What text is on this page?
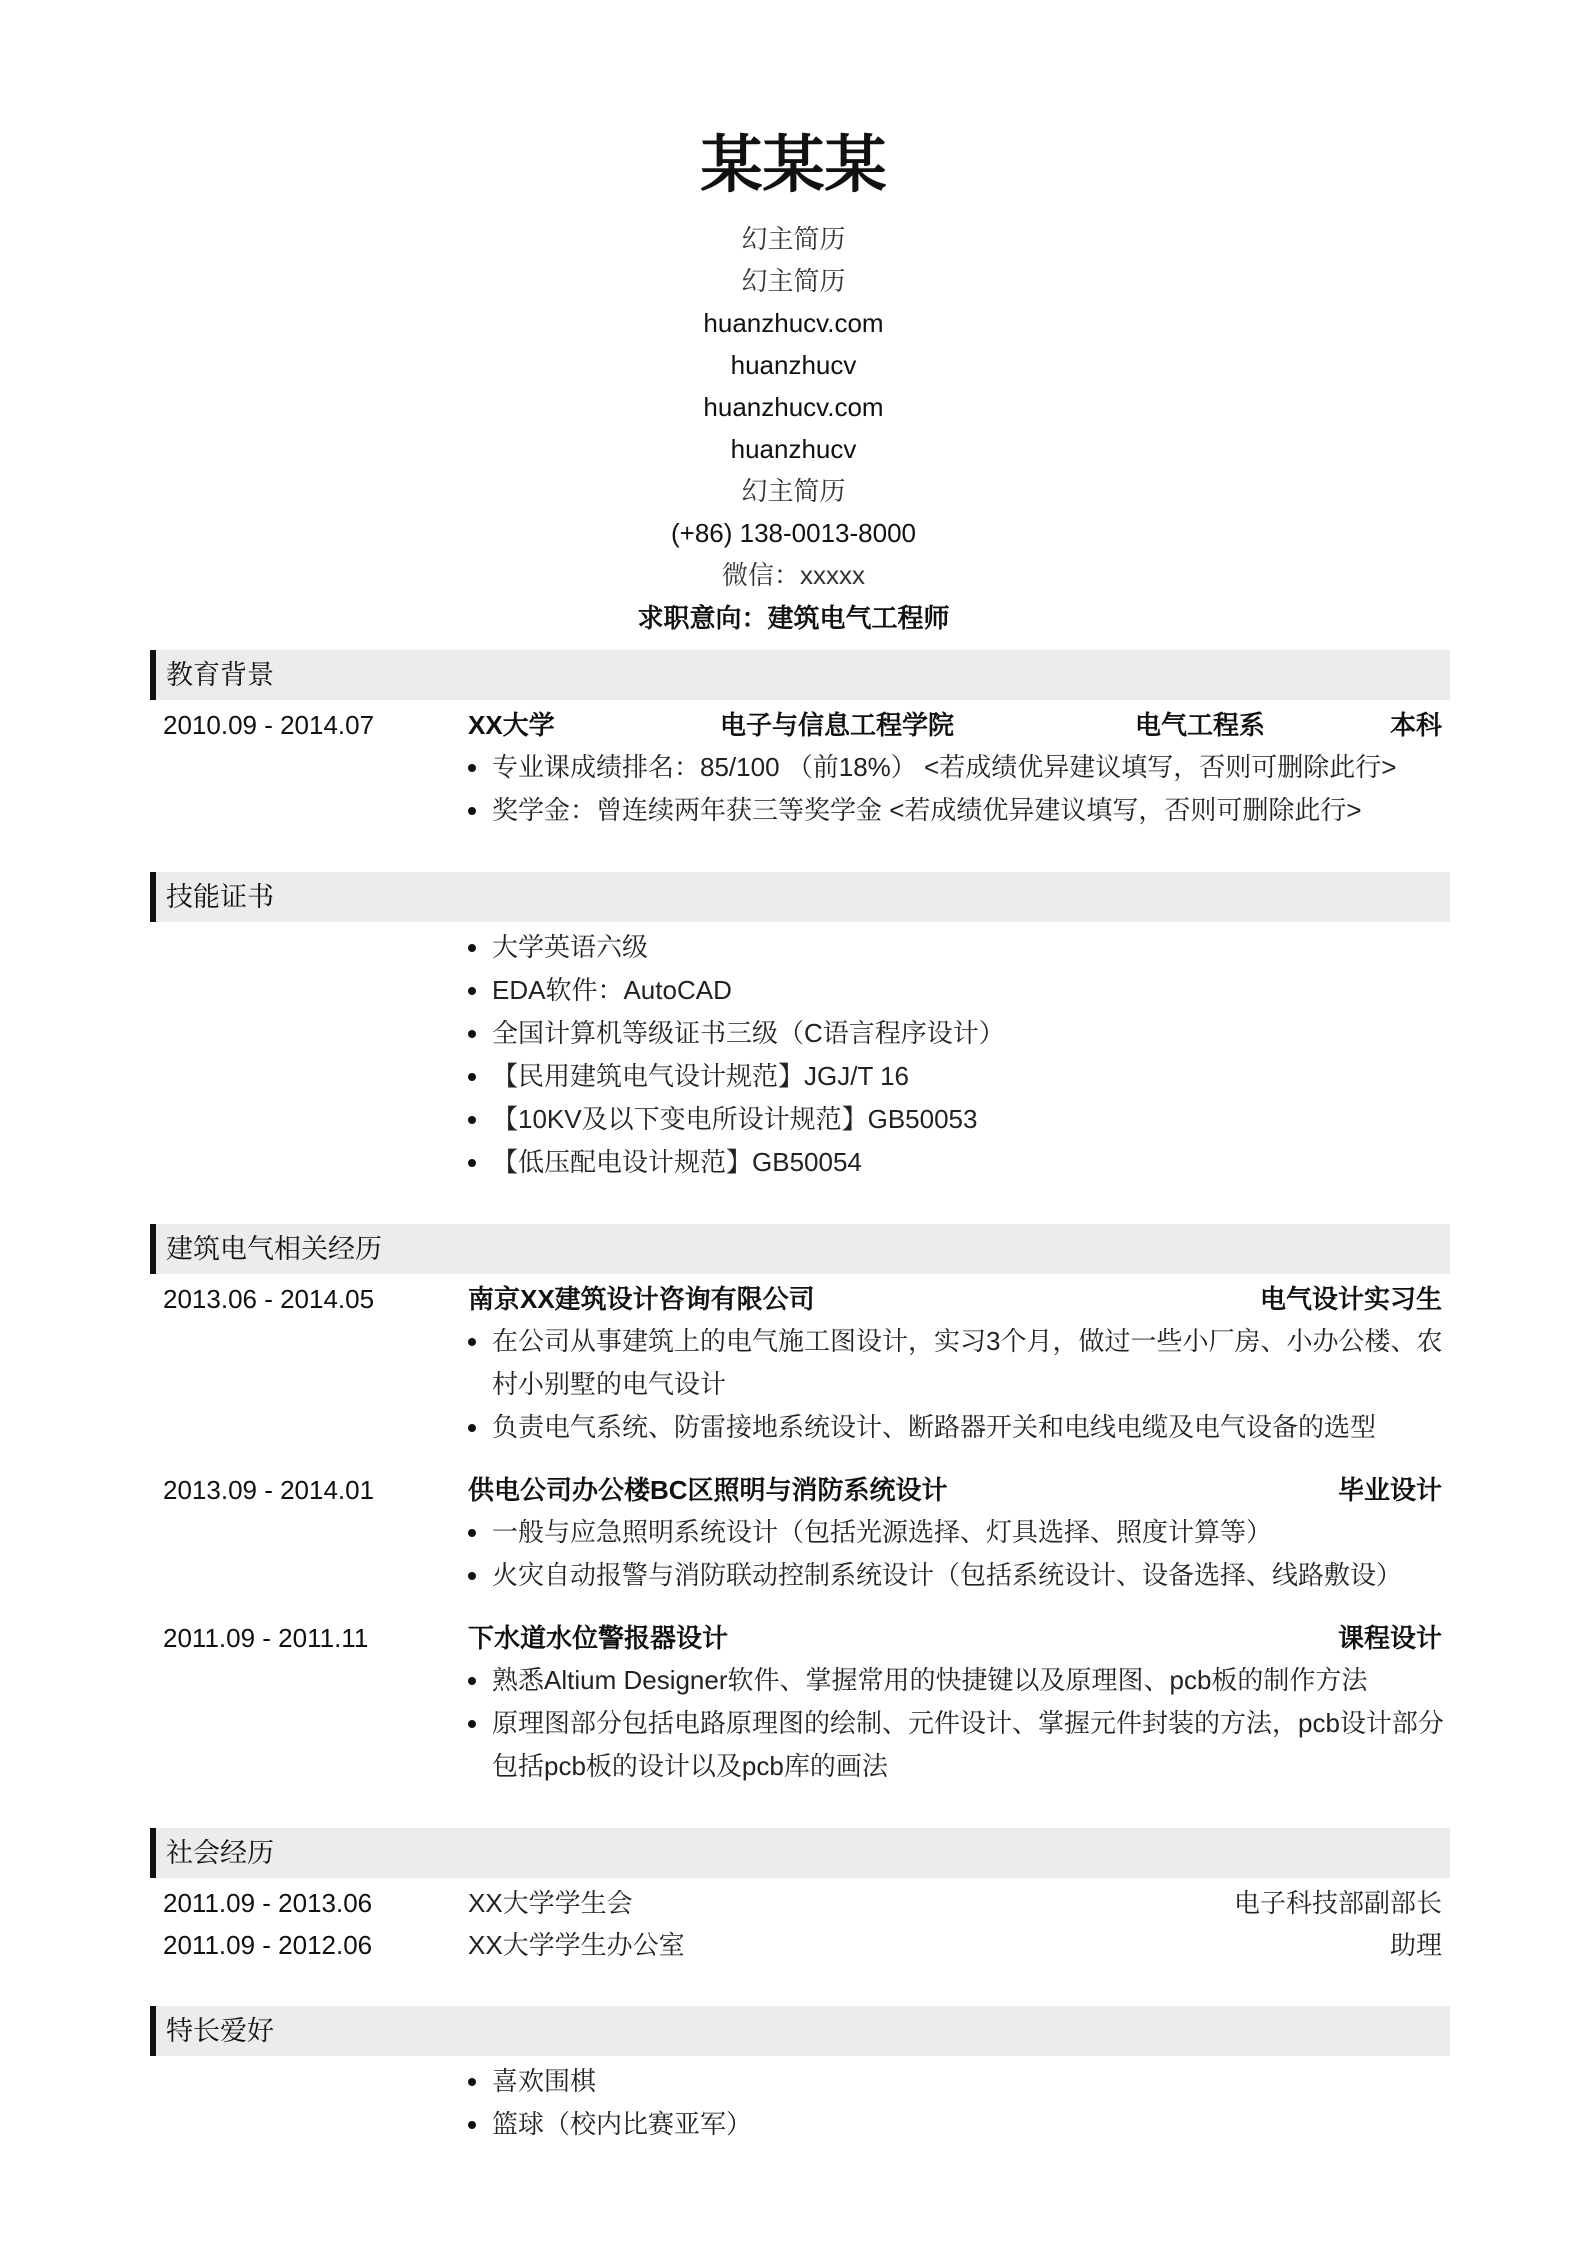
某某某
幻主简历
幻主简历
huanzhucv.com
huanzhucv
huanzhucv.com
huanzhucv
幻主简历
(+86) 138-0013-8000
微信：xxxxx
求职意向：建筑电气工程师
教育背景
2010.09 - 2014.07	XX大学	电子与信息工程学院	电气工程系	本科
专业课成绩排名：85/100 （前18%） <若成绩优异建议填写，否则可删除此行>
奖学金：曾连续两年获三等奖学金 <若成绩优异建议填写，否则可删除此行>
技能证书
大学英语六级
EDA软件：AutoCAD
全国计算机等级证书三级（C语言程序设计）
【民用建筑电气设计规范】JGJ/T 16
【10KV及以下变电所设计规范】GB50053
【低压配电设计规范】GB50054
建筑电气相关经历
2013.06 - 2014.05	南京XX建筑设计咨询有限公司	电气设计实习生
在公司从事建筑上的电气施工图设计，实习3个月，做过一些小厂房、小办公楼、农村小别墅的电气设计
负责电气系统、防雷接地系统设计、断路器开关和电线电缆及电气设备的选型
2013.09 - 2014.01	供电公司办公楼BC区照明与消防系统设计	毕业设计
一般与应急照明系统设计（包括光源选择、灯具选择、照度计算等）
火灾自动报警与消防联动控制系统设计（包括系统设计、设备选择、线路敷设）
2011.09 - 2011.11	下水道水位警报器设计	课程设计
熟悉Altium Designer软件、掌握常用的快捷键以及原理图、pcb板的制作方法
原理图部分包括电路原理图的绘制、元件设计、掌握元件封装的方法，pcb设计部分包括pcb板的设计以及pcb库的画法
社会经历
2011.09 - 2013.06	XX大学学生会	电子科技部副部长
2011.09 - 2012.06	XX大学学生办公室	助理
特长爱好
喜欢围棋
篮球（校内比赛亚军）
